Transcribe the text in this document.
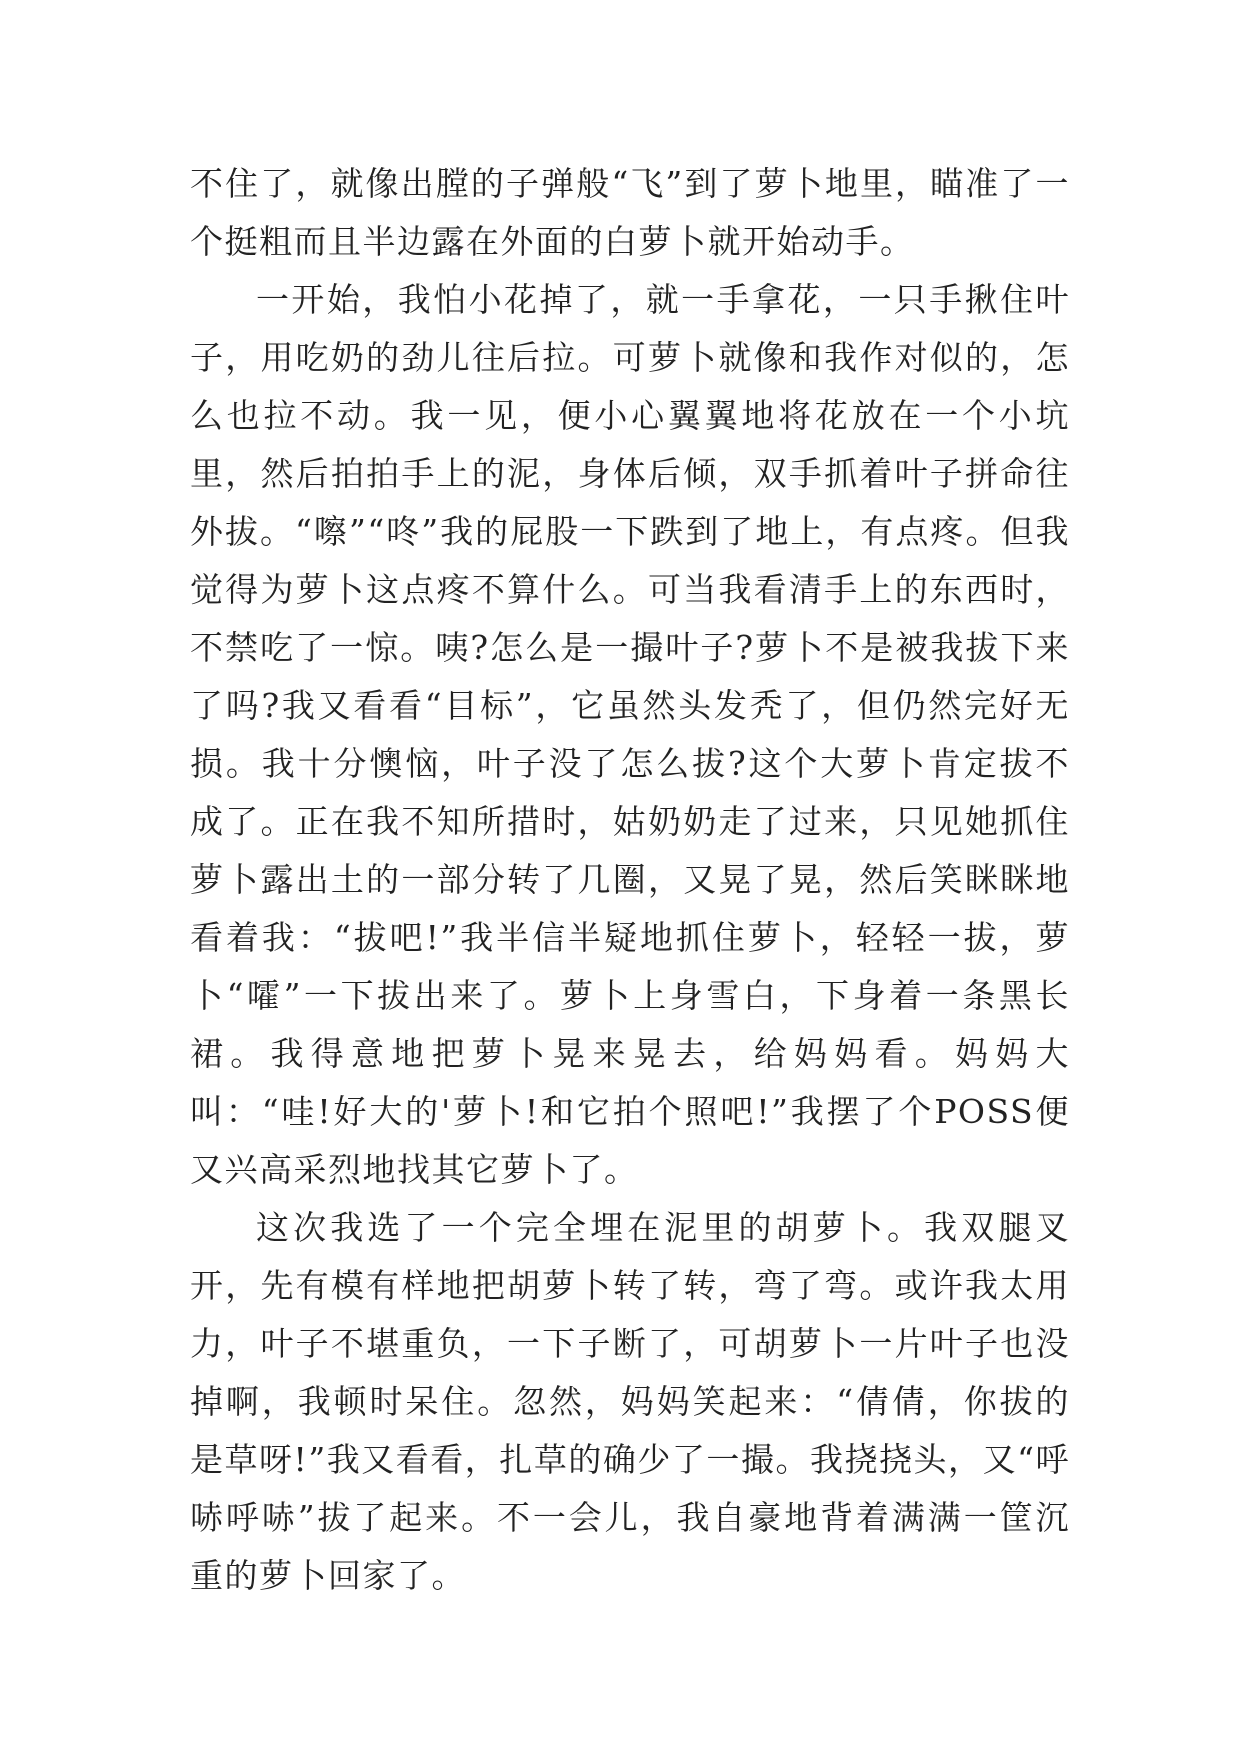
不住了，就像出膛的子弹般“飞”到了萝卜地里，瞄准了一个挺粗而且半边露在外面的白萝卜就开始动手。

一开始，我怕小花掉了，就一手拿花，一只手揪住叶子，用吃奶的劲儿往后拉。可萝卜就像和我作对似的，怎么也拉不动。我一见，便小心翼翼地将花放在一个小坑里，然后拍拍手上的泥，身体后倾，双手抓着叶子拼命往外拔。“嚓”“咚”我的屁股一下跌到了地上，有点疼。但我觉得为萝卜这点疼不算什么。可当我看清手上的东西时，不禁吃了一惊。咦?怎么是一撮叶子?萝卜不是被我拔下来了吗?我又看看“目标”，它虽然头发秃了，但仍然完好无损。我十分懊恼，叶子没了怎么拔?这个大萝卜肯定拔不成了。正在我不知所措时，姑奶奶走了过来，只见她抓住萝卜露出土的一部分转了几圈，又晃了晃，然后笑眯眯地看着我：“拔吧!”我半信半疑地抓住萝卜，轻轻一拔，萝卜“嚯”一下拔出来了。萝卜上身雪白，下身着一条黑长裙。我得意地把萝卜晃来晃去，给妈妈看。妈妈大叫：“哇!好大的'萝卜!和它拍个照吧!”我摆了个POSS便又兴高采烈地找其它萝卜了。

这次我选了一个完全埋在泥里的胡萝卜。我双腿叉开，先有模有样地把胡萝卜转了转，弯了弯。或许我太用力，叶子不堪重负，一下子断了，可胡萝卜一片叶子也没掉啊，我顿时呆住。忽然，妈妈笑起来：“倩倩，你拔的是草呀!”我又看看，扎草的确少了一撮。我挠挠头，又“呼哧呼哧”拔了起来。不一会儿，我自豪地背着满满一筐沉重的萝卜回家了。
